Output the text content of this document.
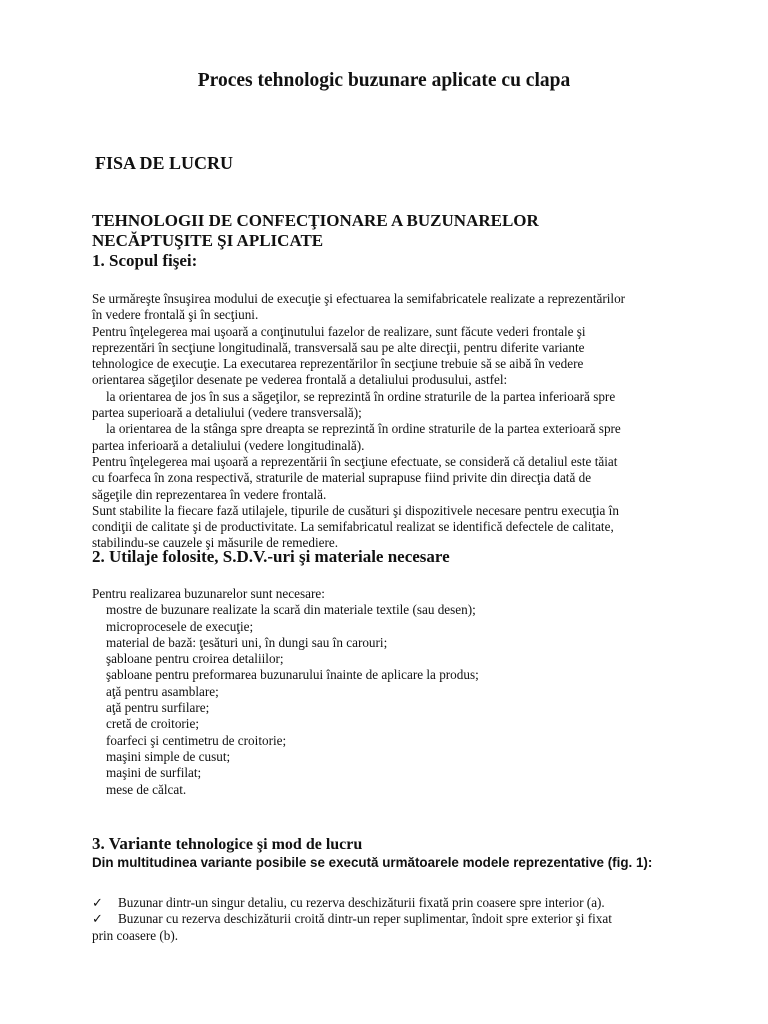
Proces tehnologic buzunare aplicate cu clapa
FISA DE LUCRU
TEHNOLOGII DE CONFECŢIONARE A BUZUNARELOR
NECĂPTUŞITE ŞI APLICATE
1. Scopul fişei:
Se urmăreşte însuşirea modului de execuţie şi efectuarea la semifabricatele realizate a reprezentărilor
în vedere frontală şi în secţiuni.
Pentru înţelegerea mai uşoară a conţinutului fazelor de realizare, sunt făcute vederi frontale şi
reprezentări în secţiune longitudinală, transversală sau pe alte direcţii, pentru diferite variante
tehnologice de execuţie. La executarea reprezentărilor în secţiune trebuie să se aibă în vedere
orientarea săgeţilor desenate pe vederea frontală a detaliului produsului, astfel:
la orientarea de jos în sus a săgeţilor, se reprezintă în ordine straturile de la partea inferioară spre
partea superioară a detaliului (vedere transversală);
la orientarea de la stânga spre dreapta se reprezintă în ordine straturile de la partea exterioară spre
partea inferioară a detaliului (vedere longitudinală).
Pentru înţelegerea mai uşoară a reprezentării în secţiune efectuate, se consideră că detaliul este tăiat
cu foarfeca în zona respectivă, straturile de material suprapuse fiind privite din direcţia dată de
săgeţile din reprezentarea în vedere frontală.
Sunt stabilite la fiecare fază utilajele, tipurile de cusături şi dispozitivele necesare pentru execuţia în
condiţii de calitate şi de productivitate. La semifabricatul realizat se identifică defectele de calitate,
stabilindu-se cauzele şi măsurile de remediere.
2. Utilaje folosite, S.D.V.-uri şi materiale necesare
Pentru realizarea buzunarelor sunt necesare:
mostre de buzunare realizate la scară din materiale textile (sau desen);
microprocesele de execuţie;
material de bază: ţesături uni, în dungi sau în carouri;
şabloane pentru croirea detaliilor;
şabloane pentru preformarea buzunarului înainte de aplicare la produs;
aţă pentru asamblare;
aţă pentru surfilare;
cretă de croitorie;
foarfeci şi centimetru de croitorie;
maşini simple de cusut;
maşini de surfilat;
mese de călcat.
3. Variante tehnologice şi mod de lucru
Din multitudinea variante posibile se execută următoarele modele reprezentative (fig. 1):
✓ Buzunar dintr-un singur detaliu, cu rezerva deschizăturii fixată prin coasere spre interior (a).
✓ Buzunar cu rezerva deschizăturii croită dintr-un reper suplimentar, îndoit spre exterior şi fixat
prin coasere (b).
